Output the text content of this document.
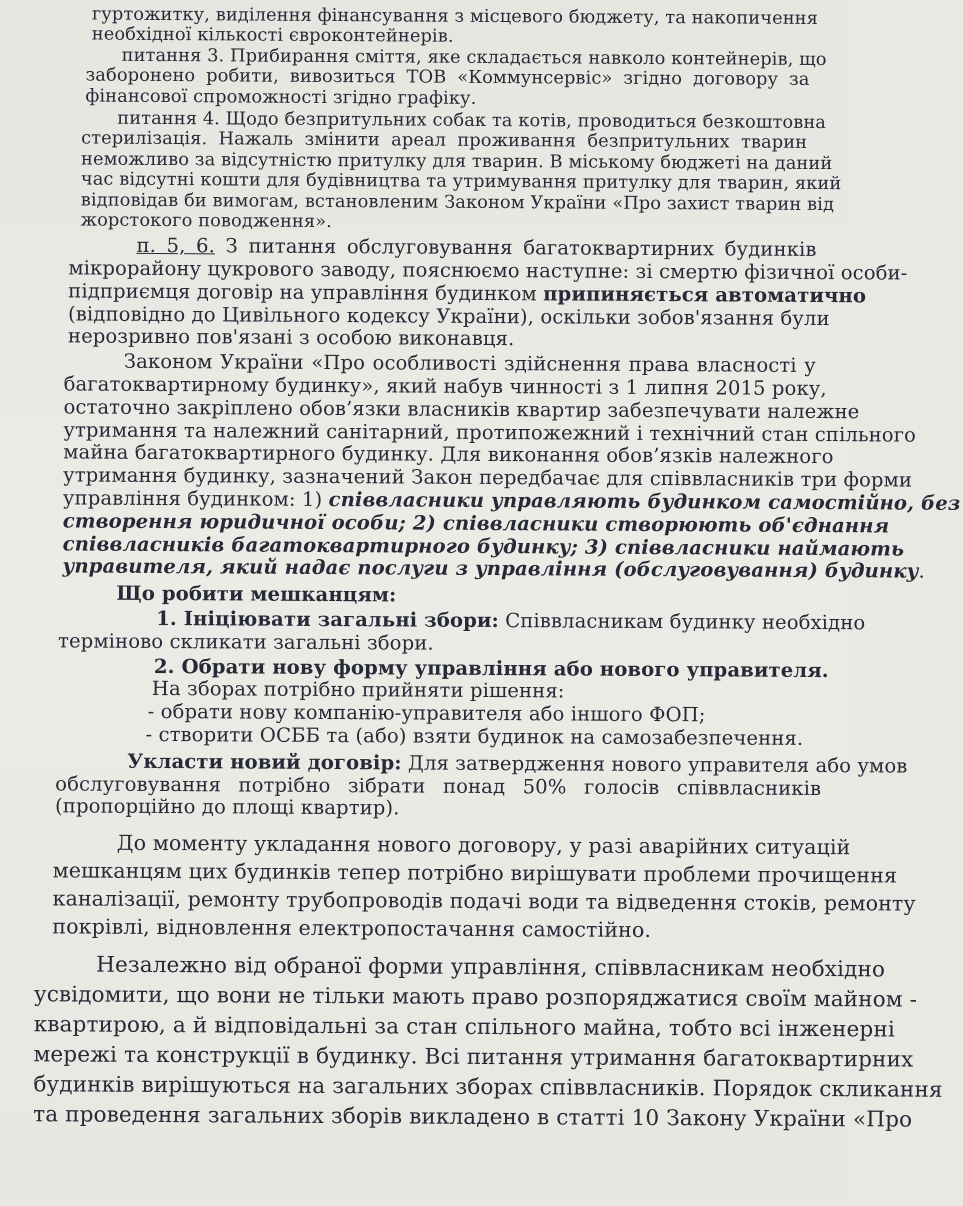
гуртожитку, виділення фінансування з місцевого бюджету, та накопичення
необхідної кількості єврoконтейнерів.
питання 3. Прибирання сміття, яке складається навколо контейнерів, що
заборонено робити, вивозиться ТОВ «Коммунсервіс» згідно договору за
фінансової спроможності згідно графіку.
питання 4. Щодо безпритульних собак та котів, проводиться безкоштовна
стерилізація. Нажаль змінити ареал проживання безпритульних тварин
неможливо за відсутністю притулку для тварин. В міському бюджеті на даний
час відсутні кошти для будівництва та утримування притулку для тварин, який
відповідав би вимогам, встановленим Законом України «Про захист тварин від
жорстокого поводження».
п. 5, 6. З питання обслуговування багатоквартирних будинків
мікрорайону цукрового заводу, пояснюємо наступне: зі смертю фізичної особи-
підприємця договір на управління будинком припиняється автоматично
(відповідно до Цивільного кодексу України), оскільки зобов'язання були
нерозривно пов'язані з особою виконавця.
Законом України «Про особливості здійснення права власності у
багатоквартирному будинку», який набув чинності з 1 липня 2015 року,
остаточно закріплено обов’язки власників квартир забезпечувати належне
утримання та належний санітарний, протипожежний і технічний стан спільного
майна багатоквартирного будинку. Для виконання обов’язків належного
утримання будинку, зазначений Закон передбачає для співвласників три форми
управління будинком: 1) співвласники управляють будинком самостійно, без
створення юридичної особи; 2) співвласники створюють об'єднання
співвласників багатоквартирного будинку; 3) співвласники наймають
управителя, який надає послуги з управління (обслуговування) будинку.
Що робити мешканцям:
1. Ініціювати загальні збори: Співвласникам будинку необхідно
терміново скликати загальні збори.
2. Обрати нову форму управління або нового управителя.
На зборах потрібно прийняти рішення:
- обрати нову компанію-управителя або іншого ФОП;
- створити ОСББ та (або) взяти будинок на самозабезпечення.
Укласти новий договір: Для затвердження нового управителя або умов
обслуговування потрібно зібрати понад 50% голосів співвласників
(пропорційно до площі квартир).
До моменту укладання нового договору, у разі аварійних ситуацій
мешканцям цих будинків тепер потрібно вирішувати проблеми прочищення
каналізації, ремонту трубопроводів подачі води та відведення стоків, ремонту
покрівлі, відновлення електропостачання самостійно.
Незалежно від обраної форми управління, співвласникам необхідно
усвідомити, що вони не тільки мають право розпоряджатися своїм майном -
квартирою, а й відповідальні за стан спільного майна, тобто всі інженерні
мережі та конструкції в будинку. Всі питання утримання багатоквартирних
будинків вирішуються на загальних зборах співвласників. Порядок скликання
та проведення загальних зборів викладено в статті 10 Закону України «Про
